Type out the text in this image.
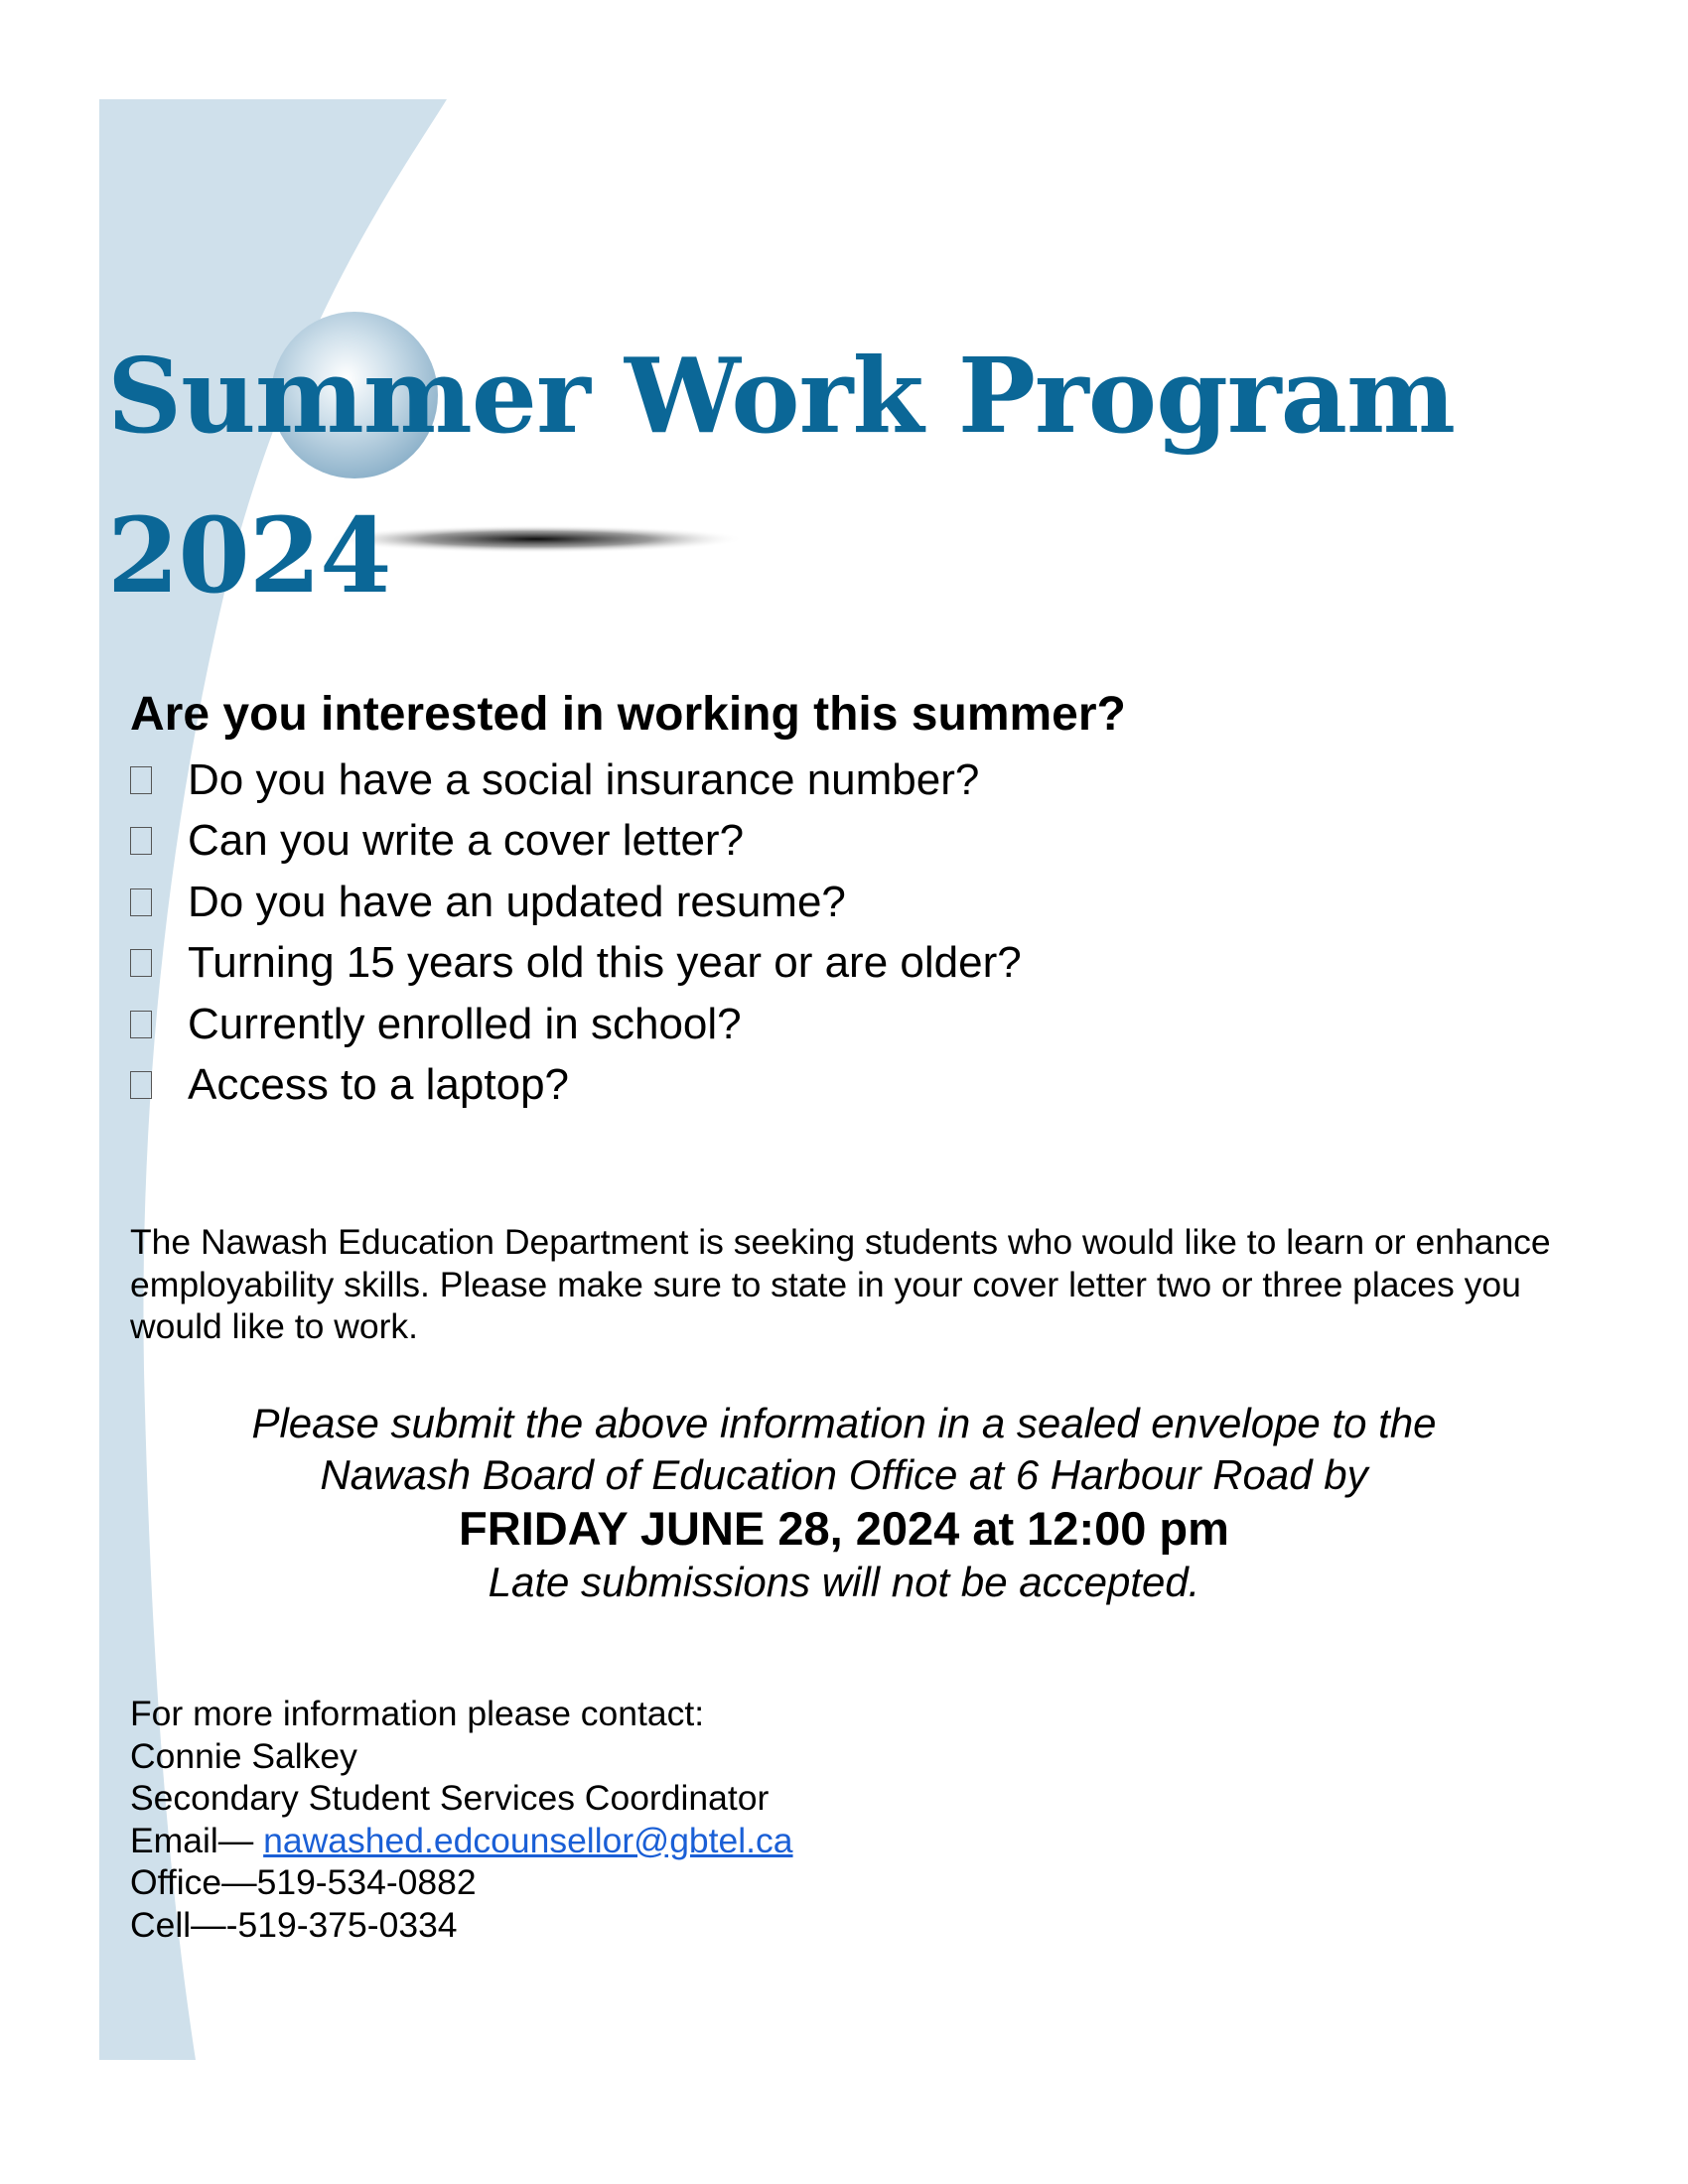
Summer Work Program
2024
Are you interested in working this summer?
Do you have a social insurance number?
Can you write a cover letter?
Do you have an updated resume?
Turning 15 years old this year or are older?
Currently enrolled in school?
Access to a laptop?

The Nawash Education Department is seeking students who would like to learn or enhance employability skills. Please make sure to state in your cover letter two or three places you would like to work.

Please submit the above information in a sealed envelope to the
Nawash Board of Education Office at 6 Harbour Road by
FRIDAY JUNE 28, 2024 at 12:00 pm
Late submissions will not be accepted.
For more information please contact:
Connie Salkey
Secondary Student Services Coordinator
Email— nawashed.edcounsellor@gbtel.ca
Office—519-534-0882
Cell—-519-375-0334
